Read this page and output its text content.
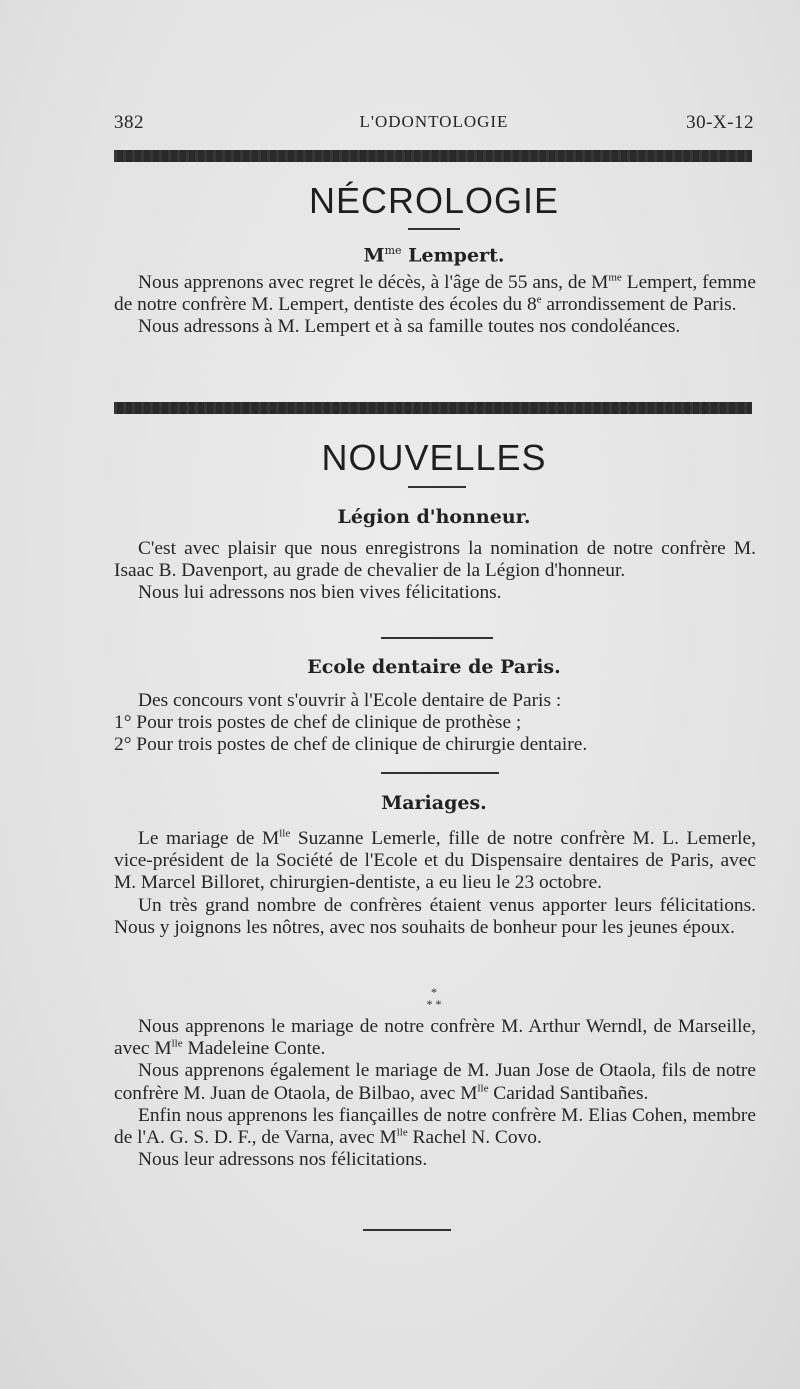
382	L'ODONTOLOGIE	30-X-12
NÉCROLOGIE
$M^{me}$ Lempert.

Nous apprenons avec regret le décès, à l'âge de 55 ans, de $M^{me}$ Lempert, femme de notre confrère M. Lempert, dentiste des écoles du 8e arrondissement de Paris.

Nous adressons à M. Lempert et à sa famille toutes nos condoléances.

NOUVELLES
Légion d'honneur.

C'est avec plaisir que nous enregistrons la nomination de notre confrère M. Isaac B. Davenport, au grade de chevalier de la Légion d'honneur.

Nous lui adressons nos bien vives félicitations.

Ecole dentaire de Paris.

Des concours vont s'ouvrir à l'Ecole dentaire de Paris :

1° Pour trois postes de chef de clinique de prothèse ;

2° Pour trois postes de chef de clinique de chirurgie dentaire.

Mariages.

Le mariage de $M^{lle}$ Suzanne Lemerle, fille de notre confrère M. L. Lemerle, vice-président de la Société de l'Ecole et du Dispensaire dentaires de Paris, avec M. Marcel Billoret, chirurgien-dentiste, a eu lieu le 23 octobre.

Un très grand nombre de confrères étaient venus apporter leurs félicitations. Nous y joignons les nôtres, avec nos souhaits de bonheur pour les jeunes époux.

*
* *

Nous apprenons le mariage de notre confrère M. Arthur Werndl, de Marseille, avec $M^{lle}$ Madeleine Conte.

Nous apprenons également le mariage de M. Juan Jose de Otaola, fils de notre confrère M. Juan de Otaola, de Bilbao, avec $M^{lle}$ Caridad Santibañes.

Enfin nous apprenons les fiançailles de notre confrère M. Elias Cohen, membre de l'A. G. S. D. F., de Varna, avec $M^{lle}$ Rachel N. Covo.

Nous leur adressons nos félicitations.
